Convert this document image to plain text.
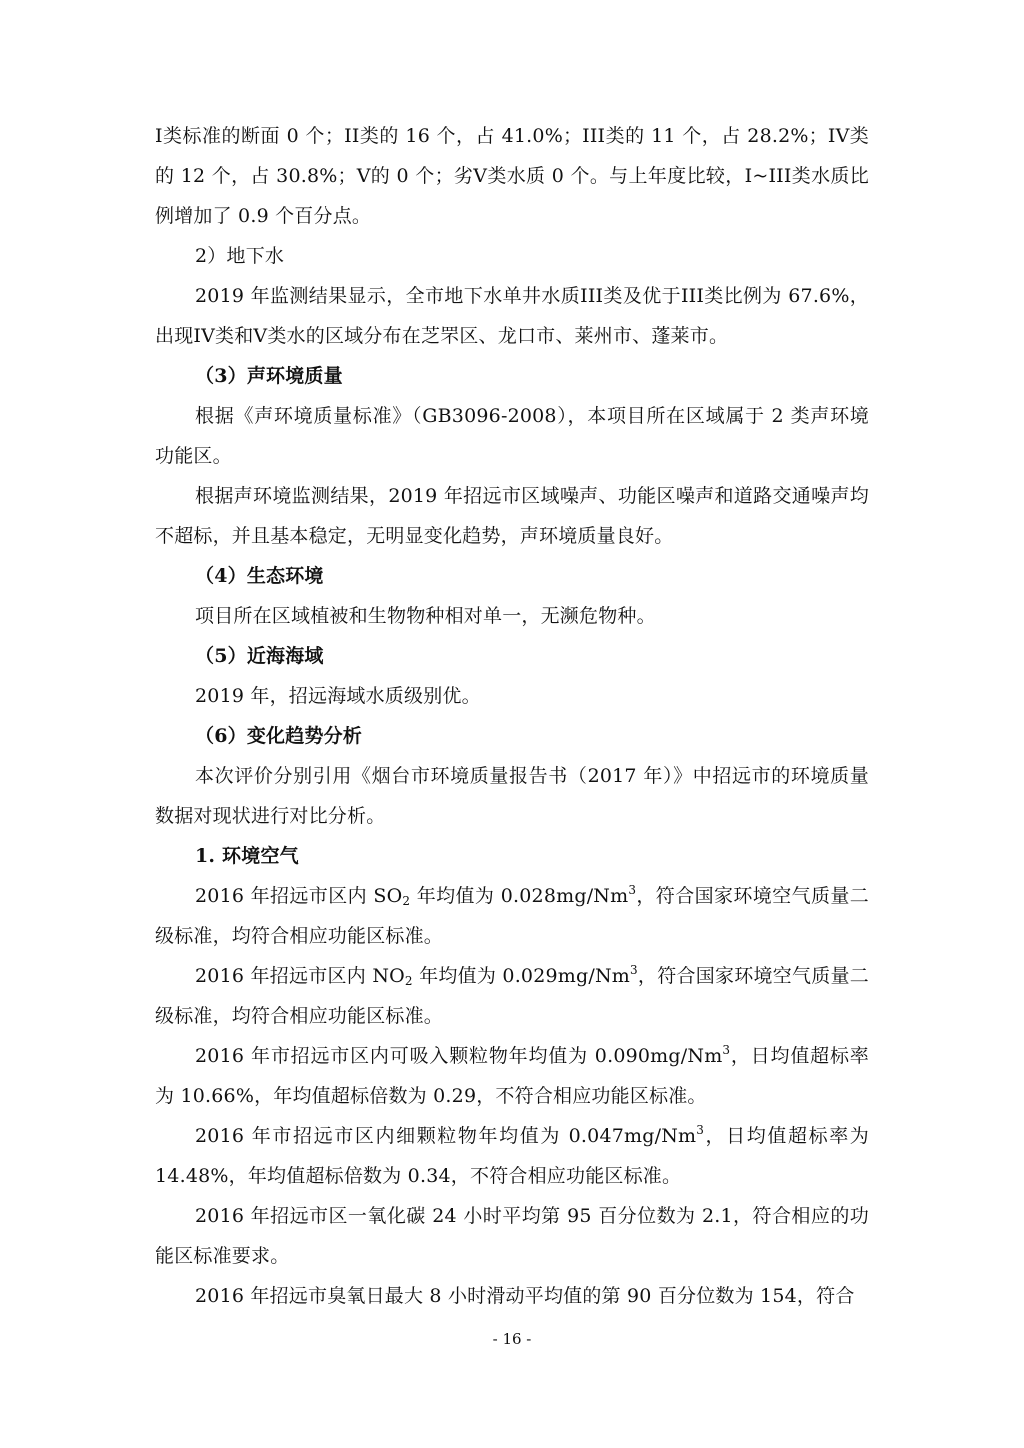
I类标准的断面 0 个；II类的 16 个，占 41.0%；III类的 11 个，占 28.2%；IV类的 12 个，占 30.8%；V的 0 个；劣V类水质 0 个。与上年度比较，I~III类水质比例增加了 0.9 个百分点。

2）地下水

2019 年监测结果显示，全市地下水单井水质III类及优于III类比例为 67.6%，出现IV类和V类水的区域分布在芝罘区、龙口市、莱州市、蓬莱市。

（3）声环境质量

根据《声环境质量标准》（GB3096-2008），本项目所在区域属于 2 类声环境功能区。

根据声环境监测结果，2019 年招远市区域噪声、功能区噪声和道路交通噪声均不超标，并且基本稳定，无明显变化趋势，声环境质量良好。

（4）生态环境

项目所在区域植被和生物物种相对单一，无濒危物种。

（5）近海海域

2019 年，招远海域水质级别优。

（6）变化趋势分析

本次评价分别引用《烟台市环境质量报告书（2017 年）》中招远市的环境质量数据对现状进行对比分析。

1. 环境空气

2016 年招远市区内 $SO_2$ 年均值为 0.028mg/Nm$^3$，符合国家环境空气质量二级标准，均符合相应功能区标准。

2016 年招远市区内 $NO_2$ 年均值为 0.029mg/Nm$^3$，符合国家环境空气质量二级标准，均符合相应功能区标准。

2016 年市招远市区内可吸入颗粒物年均值为 0.090mg/Nm$^3$，日均值超标率为 10.66%，年均值超标倍数为 0.29，不符合相应功能区标准。

2016 年市招远市区内细颗粒物年均值为 0.047mg/Nm$^3$，日均值超标率为 14.48%，年均值超标倍数为 0.34，不符合相应功能区标准。

2016 年招远市区一氧化碳 24 小时平均第 95 百分位数为 2.1，符合相应的功能区标准要求。

2016 年招远市臭氧日最大 8 小时滑动平均值的第 90 百分位数为 154，符合

- 16 -
